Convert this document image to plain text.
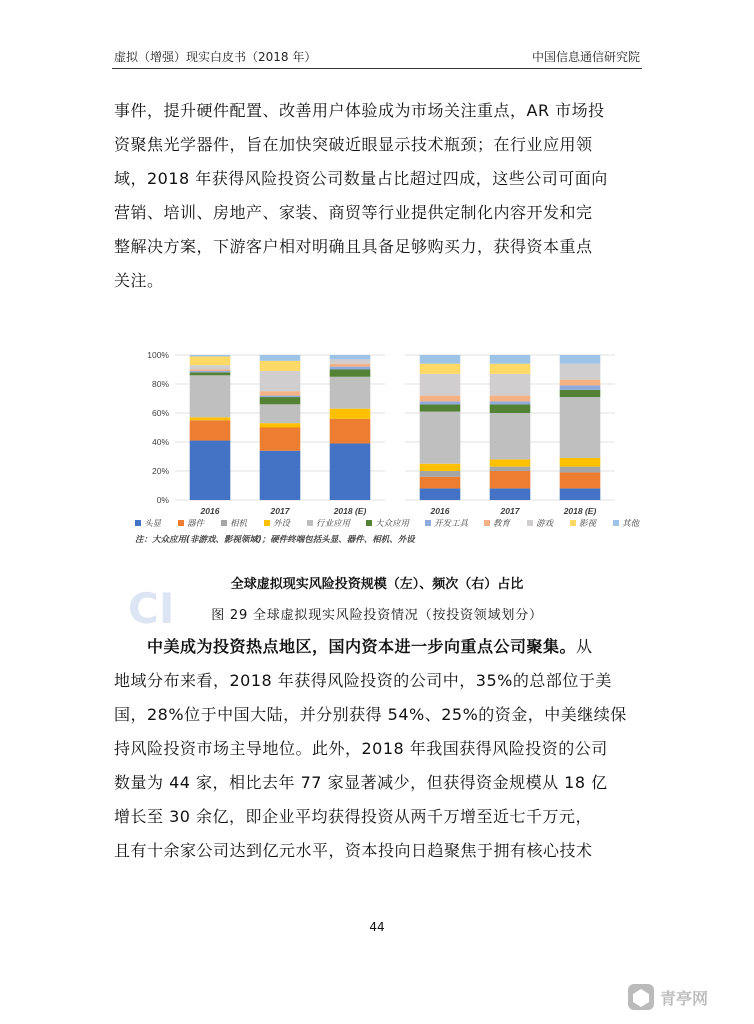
虚拟（增强）现实白皮书（2018 年）	中国信息通信研究院
事件，提升硬件配置、改善用户体验成为市场关注重点，AR 市场投
资聚焦光学器件，旨在加快突破近眼显示技术瓶颈；在行业应用领
域，2018 年获得风险投资公司数量占比超过四成，这些公司可面向
营销、培训、房地产、家装、商贸等行业提供定制化内容开发和完
整解决方案，下游客户相对明确且具备足够购买力，获得资本重点
关注。
0%
20%
40%
60%
80%
100%
2016	2017	2018 (E)	2016	2017	2018 (E)
头显	器件	相机	外设	行业应用	大众应用	开发工具	教育	游戏	影视	其他
注：大众应用(非游戏、影视领域)；硬件终端包括头显、器件、相机、外设
CI	全球虚拟现实风险投资规模（左）、频次（右）占比
图 29 全球虚拟现实风险投资情况（按投资领域划分）
　　中美成为投资热点地区，国内资本进一步向重点公司聚集。从
地域分布来看，2018 年获得风险投资的公司中，35%的总部位于美
国，28%位于中国大陆，并分别获得 54%、25%的资金，中美继续保
持风险投资市场主导地位。此外，2018 年我国获得风险投资的公司
数量为 44 家，相比去年 77 家显著减少，但获得资金规模从 18 亿
增长至 30 余亿，即企业平均获得投资从两千万增至近七千万元，
且有十余家公司达到亿元水平，资本投向日趋聚焦于拥有核心技术
44
青亭网
